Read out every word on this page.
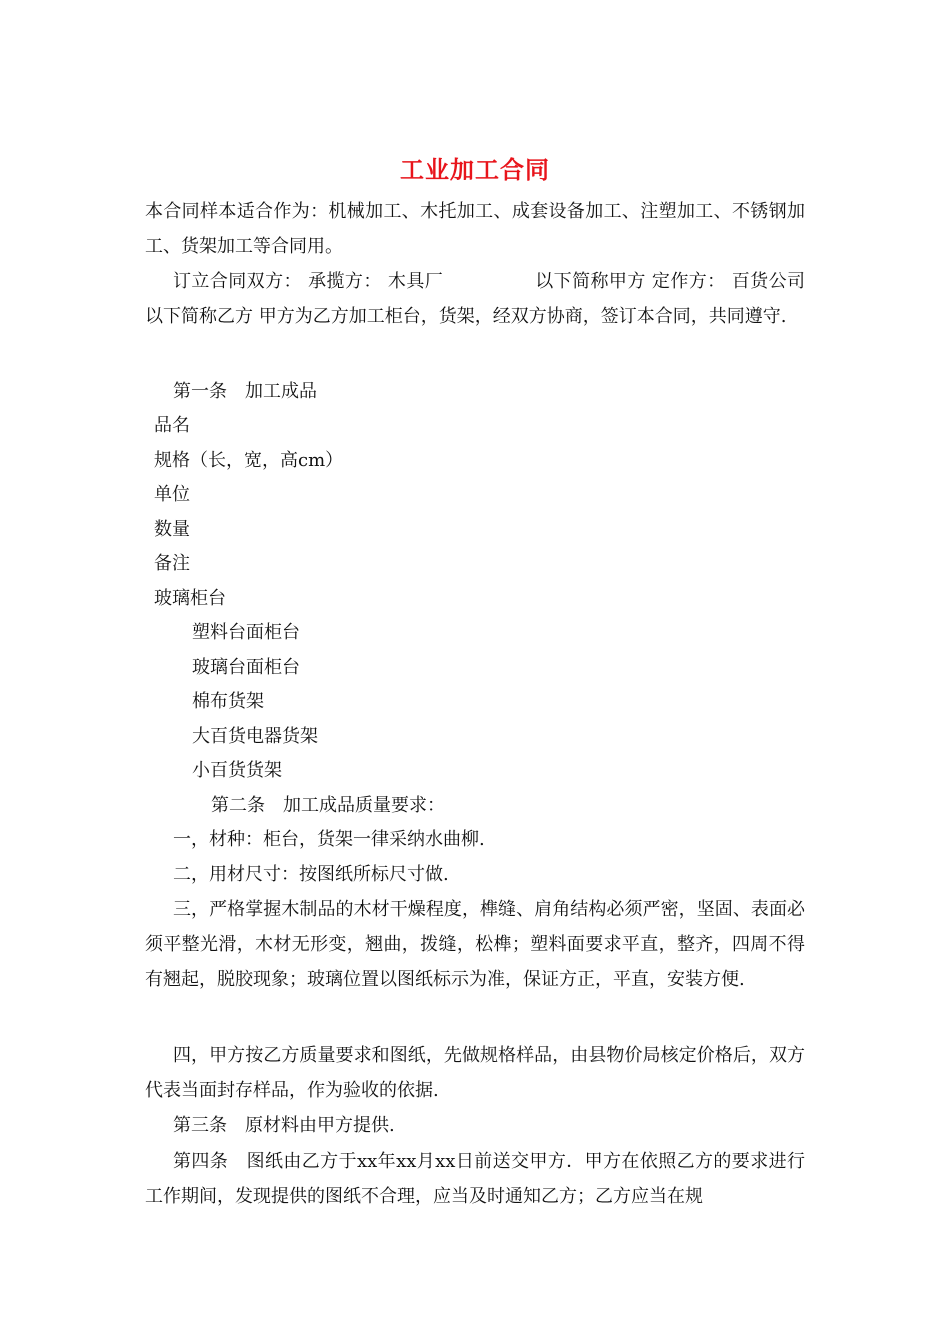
工业加工合同

本合同样本适合作为：机械加工、木托加工、成套设备加工、注塑加工、不锈钢加工、货架加工等合同用。

订立合同双方： 承揽方： 木具厂　　　　　以下简称甲方 定作方： 百货公司　　　　以下简称乙方 甲方为乙方加工柜台，货架，经双方协商，签订本合同，共同遵守.

第一条　加工成品
品名
规格（长，宽，高cm）
单位
数量
备注
玻璃柜台
塑料台面柜台
玻璃台面柜台
棉布货架
大百货电器货架
小百货货架
第二条　加工成品质量要求：
一，材种：柜台，货架一律采纳水曲柳.
二，用材尺寸：按图纸所标尺寸做.

三，严格掌握木制品的木材干燥程度，榫缝、肩角结构必须严密，坚固、表面必须平整光滑，木材无形变，翘曲，拨缝，松榫；塑料面要求平直，整齐，四周不得有翘起，脱胶现象；玻璃位置以图纸标示为准，保证方正，平直，安装方便.

四，甲方按乙方质量要求和图纸，先做规格样品，由县物价局核定价格后，双方代表当面封存样品，作为验收的依据.

第三条　原材料由甲方提供.

第四条　图纸由乙方于xx年xx月xx日前送交甲方．甲方在依照乙方的要求进行工作期间，发现提供的图纸不合理，应当及时通知乙方；乙方应当在规
